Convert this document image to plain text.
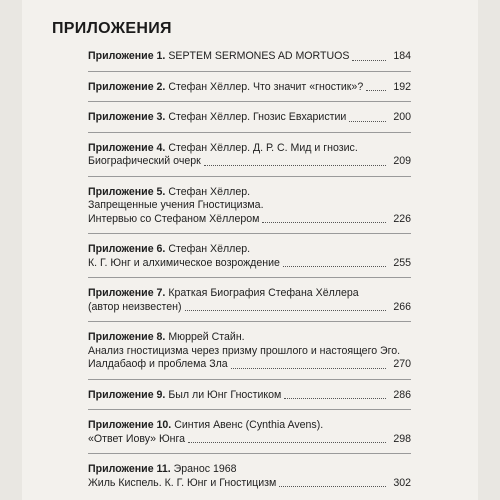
ПРИЛОЖЕНИЯ
Приложение 1. SEPTEM SERMONES AD MORTUOS	184
Приложение 2. Стефан Хёллер. Что значит «гностик»?	192
Приложение 3. Стефан Хёллер. Гнозис Евхаристии	200
Приложение 4. Стефан Хёллер. Д. Р. С. Мид и гнозис.
Биографический очерк	209
Приложение 5. Стефан Хёллер.
Запрещенные учения Гностицизма.
Интервью со Стефаном Хёллером	226
Приложение 6. Стефан Хёллер.
К. Г. Юнг и алхимическое возрождение	255
Приложение 7. Краткая Биография Стефана Хёллера
(автор неизвестен)	266
Приложение 8. Мюррей Стайн.
Анализ гностицизма через призму прошлого и настоящего Эго.
Иалдабаоф и проблема Зла	270
Приложение 9. Был ли Юнг Гностиком	286
Приложение 10. Синтия Авенс (Cynthia Avens).
«Ответ Иову» Юнга	298
Приложение 11. Эранос 1968
Жиль Киспель. К. Г. Юнг и Гностицизм	302
